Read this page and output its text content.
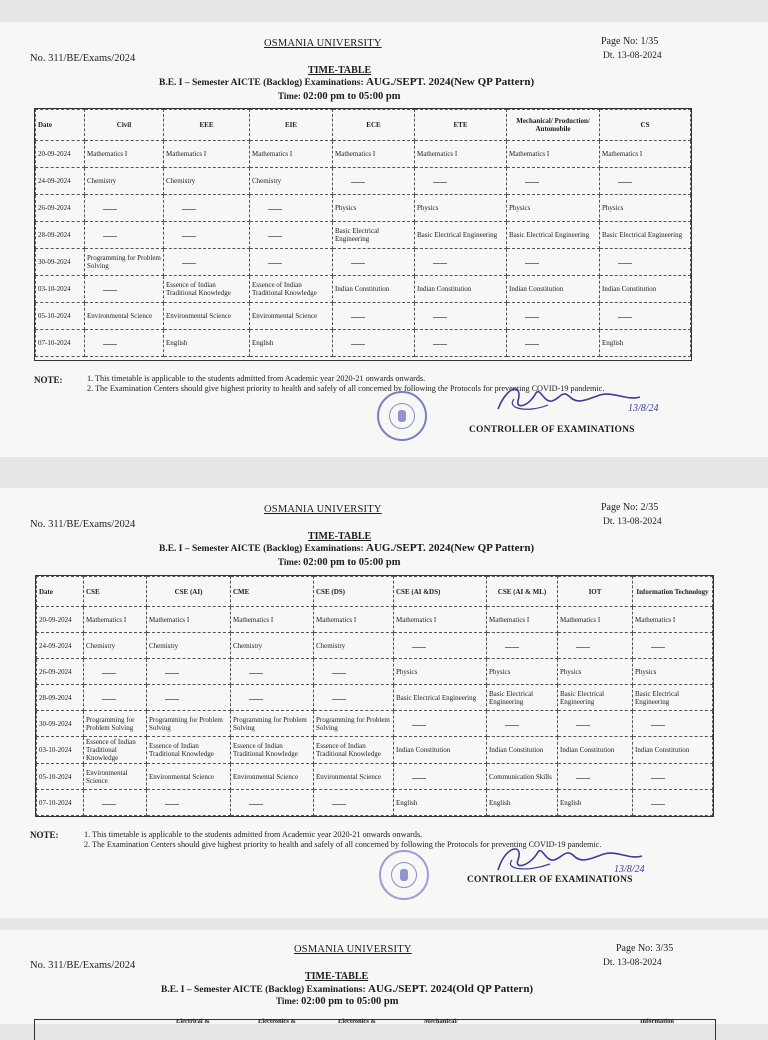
OSMANIA UNIVERSITY
No. 311/BE/Exams/2024
Page No: 1/35
Dt. 13-08-2024
TIME-TABLE
B.E. I – Semester AICTE (Backlog) Examinations: AUG./SEPT. 2024(New QP Pattern)
Time: 02:00 pm to 05:00 pm
Date	Civil	EEE	EIE	ECE	ETE	Mechanical/ Production/ Automobile	CS
20-09-2024	Mathematics I	Mathematics I	Mathematics I	Mathematics I	Mathematics I	Mathematics I	Mathematics I
24-09-2024	Chemistry	Chemistry	Chemistry				
26-09-2024				Physics	Physics	Physics	Physics
28-09-2024				Basic Electrical Engineering	Basic Electrical Engineering	Basic Electrical Engineering	Basic Electrical Engineering
30-09-2024	Programming for Problem Solving						
03-10-2024		Essence of Indian Traditional Knowledge	Essence of Indian Traditional Knowledge	Indian Constitution	Indian Constitution	Indian Constitution	Indian Constitution
05-10-2024	Environmental Science	Environmental Science	Environmental Science				
07-10-2024		English	English				English
NOTE:	1. This timetable is applicable to the students admitted from Academic year 2020-21 onwards onwards.
2. The Examination Centers should give highest priority to health and safely of all concerned by following the Protocols for preventing COVID-19 pandemic.
13/8/24
CONTROLLER OF EXAMINATIONS
OSMANIA UNIVERSITY
No. 311/BE/Exams/2024
Page No: 2/35
Dt. 13-08-2024
TIME-TABLE
B.E. I – Semester AICTE (Backlog) Examinations: AUG./SEPT. 2024(New QP Pattern)
Time: 02:00 pm to 05:00 pm
Date	CSE	CSE (AI)	CME	CSE (DS)	CSE (AI &DS)	CSE (AI & ML)	IOT	Information Technology
20-09-2024	Mathematics I	Mathematics I	Mathematics I	Mathematics I	Mathematics I	Mathematics I	Mathematics I	Mathematics I
24-09-2024	Chemistry	Chemistry	Chemistry	Chemistry				
26-09-2024					Physics	Physics	Physics	Physics
28-09-2024					Basic Electrical Engineering	Basic Electrical Engineering	Basic Electrical Engineering	Basic Electrical Engineering
30-09-2024	Programming for Problem Solving	Programming for Problem Solving	Programming for Problem Solving	Programming for Problem Solving				
03-10-2024	Essence of Indian Traditional Knowledge	Essence of Indian Traditional Knowledge	Essence of Indian Traditional Knowledge	Essence of Indian Traditional Knowledge	Indian Constitution	Indian Constitution	Indian Constitution	Indian Constitution
05-10-2024	Environmental Science	Environmental Science	Environmental Science	Environmental Science		Communication Skills		
07-10-2024					English	English	English	
NOTE:	1. This timetable is applicable to the students admitted from Academic year 2020-21 onwards onwards.
2. The Examination Centers should give highest priority to health and safely of all concerned by following the Protocols for preventing COVID-19 pandemic.
13/8/24
CONTROLLER OF EXAMINATIONS
OSMANIA UNIVERSITY
No. 311/BE/Exams/2024
Page No: 3/35
Dt. 13-08-2024
TIME-TABLE
B.E. I – Semester AICTE (Backlog) Examinations: AUG./SEPT. 2024(Old QP Pattern)
Time: 02:00 pm to 05:00 pm
Electrical &	Electronics &	Electronics &	Mechanical/	Information
